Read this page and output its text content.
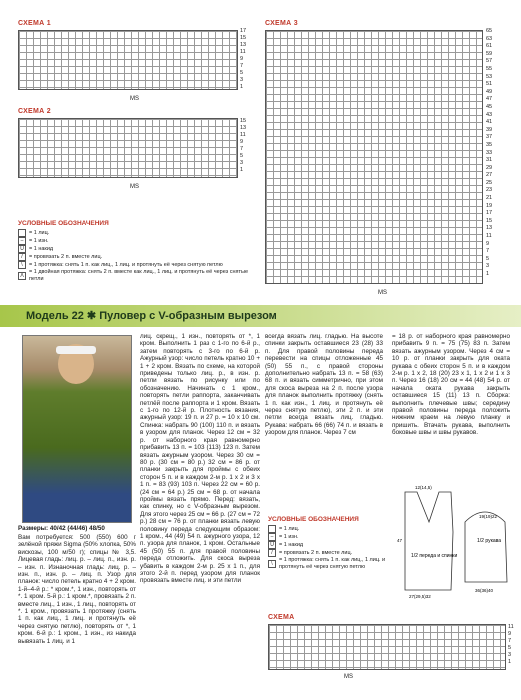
СХЕМА 1
17
15
13
11
9
7
5
3
1
MS
СХЕМА 2
15
13
11
9
7
5
3
1
MS
УСЛОВНЫЕ ОБОЗНАЧЕНИЯ
= 1 лиц.
–	= 1 изн.
U = 1 накид
/	= провязать 2 п. вместе лиц.
\	= 1 протяжка: снять 1 п. как лиц., 1 лиц. и протянуть её через снятую петлю
Λ
= 1 двойная протяжка: снять 2 п. вместе как лиц., 1 лиц. и протянуть её через снятые петли
СХЕМА 3
65
63
61
59
57
55
53
51
49
47
45
43
41
39
37
35
33
31
29
27
25
23
21
19
17
15
13
11
9
7
5
3
1
MS
Модель 22 ✱ Пуловер с V-образным вырезом
Размеры: 40/42 (44/46) 48/50
Вам потребуется: 500 (550) 600 г зелёной пряжи Sigma (50% хлопка, 50% вискозы, 100 м/50 г); спицы № 3,5. Лицевая гладь: лиц. р. – лиц. п., изн. р. – изн. п. Изнаночная гладь: лиц. р. – изн. п., изн. р. – лиц. п. Узор для планок: число петель кратно 4 + 2 кром. 1-й–4-й р.: * кром.*, 1 изн., повторять от *. 1 кром. 5-й р.: 1 кром.*, провязать 2 п. вместе лиц., 1 изн., 1 лиц., повторять от *. 1 кром., провязать 1 протяжку (снять 1 п. как лиц., 1 лиц. и протянуть её через снятую петлю), повторять от *, 1 кром. 6-й р.: 1 кром., 1 изн., из накида вывязать 1 лиц. и 1
лиц. скрещ., 1 изн., повторять от *, 1 кром. Выполнить 1 раз с 1-го по 6-й р., затем повторять с 3-го по 6-й р. Ажурный узор: число петель кратно 10 + 1 + 2 кром. Вязать по схеме, на которой приведены только лиц. р., в изн. р. петли вязать по рисунку или по обозначению. Начинать с 1 кром., повторять петли раппорта, заканчивать петлёй после раппорта и 1 кром. Вязать с 1-го по 12-й р. Плотность вязания, ажурный узор: 19 п. и 27 р. = 10 х 10 см. Спинка: набрать 90 (100) 110 п. и вязать в узором для планок. Через 12 см = 32 р. от наборного края равномерно прибавить 13 п. = 103 (113) 123 п. Затем вязать ажурным узором. Через 30 см = 80 р. (30 см = 80 р.) 32 см = 86 р. от планки закрыть для проймы с обеих сторон 5 п. и в каждом 2-м р. 1 х 2 и 3 х 1 п. = 83 (93) 103 п. Через 22 см = 60 р. (24 см = 64 р.) 25 см = 68 р. от начала проймы вязать прямо. Перед: вязать, как спинку, но с V-образным вырезом. Для этого через 25 см = 66 р. (27 см = 72 р.) 28 см = 76 р. от планки вязать левую половину переда следующим образом: 1 кром., 44 (49) 54 п. ажурного узора, 12 п. узора для планок, 1 кром. Остальные 45 (50) 55 п. для правой половины переда отложить. Для скоса выреза убавить в каждом 2-м р. 25 х 1 п., для этого 2-й п. перед узором для планок провязать вместе лиц. и эти петли
всегда вязать лиц. гладью. На высоте спинки закрыть оставшиеся 23 (28) 33 п. Для правой половины переда перевести на спицы отложенные 45 (50) 55 п., с правой стороны дополнительно набрать 13 п. = 58 (63) 68 п. и вязать симметрично, при этом для скоса выреза на 2 п. после узора для планок выполнить протяжку (снять 1 п. как изн., 1 лиц. и протянуть её через снятую петлю), эти 2 п. и эти петли всегда вязать лиц. гладью. Рукава: набрать 66 (66) 74 п. и вязать в узором для планок. Через 7 см
= 18 р. от наборного края равномерно прибавить 9 п. = 75 (75) 83 п. Затем вязать ажурным узором. Через 4 см = 10 р. от планки закрыть для оката рукава с обеих сторон 5 п. и в каждом 2-м р. 1 х 2, 18 (20) 23 х 1, 1 х 2 и 1 х 3 п. Через 16 (18) 20 см = 44 (48) 54 р. от начала оката рукава закрыть оставшиеся 15 (11) 13 п. Сборка: выполнить плечевые швы; середину правой половины переда положить нижним краем на левую планку и пришить. Втачать рукава, выполнить боковые швы и швы рукавов.
УСЛОВНЫЕ ОБОЗНАЧЕНИЯ
= 1 лиц.
–	= 1 изн.
U = 1 накид
/	= провязать 2 п. вместе лиц.
\
= 1 протяжка: снять 1 п. как лиц., 1 лиц. и протянуть её через снятую петлю
1/2 переда и спинки
1/2 рукава
12(14,5)
47
27(29,5)32
19(19)22
36(36)40
СХЕМА
11
9
7
5
3
1
MS
